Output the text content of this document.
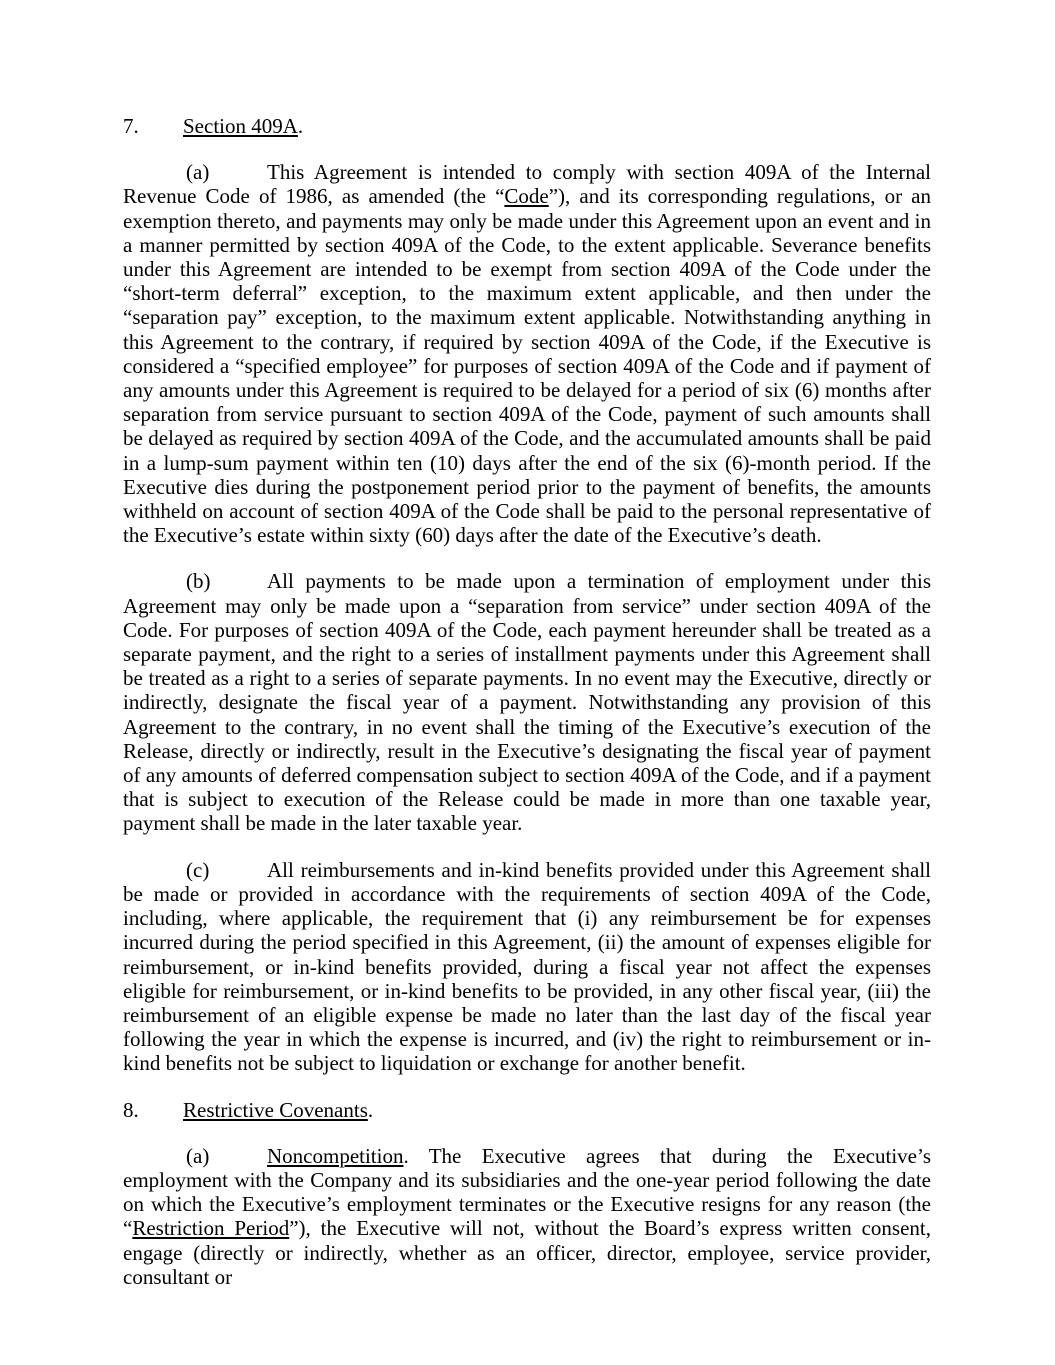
7. Section 409A.

(a)	This Agreement is intended to comply with section 409A of the Internal Revenue Code of 1986, as amended (the “Code”), and its corresponding regulations, or an exemption thereto, and payments may only be made under this Agreement upon an event and in a manner permitted by section 409A of the Code, to the extent applicable. Severance benefits under this Agreement are intended to be exempt from section 409A of the Code under the “short-term deferral” exception, to the maximum extent applicable, and then under the “separation pay” exception, to the maximum extent applicable. Notwithstanding anything in this Agreement to the contrary, if required by section 409A of the Code, if the Executive is considered a “specified employee” for purposes of section 409A of the Code and if payment of any amounts under this Agreement is required to be delayed for a period of six (6) months after separation from service pursuant to section 409A of the Code, payment of such amounts shall be delayed as required by section 409A of the Code, and the accumulated amounts shall be paid in a lump-sum payment within ten (10) days after the end of the six (6)-month period. If the Executive dies during the postponement period prior to the payment of benefits, the amounts withheld on account of section 409A of the Code shall be paid to the personal representative of the Executive’s estate within sixty (60) days after the date of the Executive’s death.

(b)	All payments to be made upon a termination of employment under this Agreement may only be made upon a “separation from service” under section 409A of the Code. For purposes of section 409A of the Code, each payment hereunder shall be treated as a separate payment, and the right to a series of installment payments under this Agreement shall be treated as a right to a series of separate payments. In no event may the Executive, directly or indirectly, designate the fiscal year of a payment. Notwithstanding any provision of this Agreement to the contrary, in no event shall the timing of the Executive’s execution of the Release, directly or indirectly, result in the Executive’s designating the fiscal year of payment of any amounts of deferred compensation subject to section 409A of the Code, and if a payment that is subject to execution of the Release could be made in more than one taxable year, payment shall be made in the later taxable year.

(c)	All reimbursements and in-kind benefits provided under this Agreement shall be made or provided in accordance with the requirements of section 409A of the Code, including, where applicable, the requirement that (i) any reimbursement be for expenses incurred during the period specified in this Agreement, (ii) the amount of expenses eligible for reimbursement, or in-kind benefits provided, during a fiscal year not affect the expenses eligible for reimbursement, or in-kind benefits to be provided, in any other fiscal year, (iii) the reimbursement of an eligible expense be made no later than the last day of the fiscal year following the year in which the expense is incurred, and (iv) the right to reimbursement or in-kind benefits not be subject to liquidation or exchange for another benefit.

8. Restrictive Covenants.

(a)	Noncompetition. The Executive agrees that during the Executive’s employment with the Company and its subsidiaries and the one-year period following the date on which the Executive’s employment terminates or the Executive resigns for any reason (the “Restriction Period”), the Executive will not, without the Board’s express written consent, engage (directly or indirectly, whether as an officer, director, employee, service provider, consultant or
